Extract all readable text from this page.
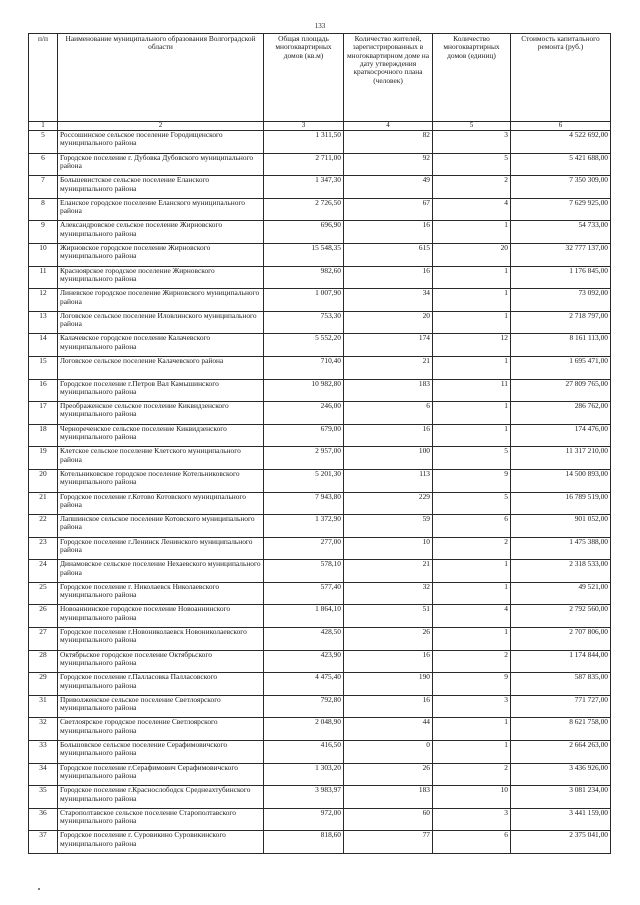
133
п/п	Наименование муниципального образования Волгоградской области	Общая площадь многоквартирных домов (кв.м)	Количество жителей, зарегистрированных в многоквартирном доме на дату утверждения краткосрочного плана (человек)	Количество многоквартирных домов (единиц)	Стоимость капитального ремонта (руб.)
1	2	3	4	5	6
5	Россошинское сельское поселение Городищенского муниципального района	1 311,50	82	3	4 522 692,00
6	Городское поселение г. Дубовка Дубовского муниципального района	2 711,00	92	5	5 421 688,00
7	Большевистское сельское поселение Еланского муниципального района	1 347,30	49	2	7 350 309,00
8	Еланское городское поселение Еланского муниципального района	2 726,50	67	4	7 629 925,00
9	Александровское сельское поселение Жирновского муниципального района	696,90	16	1	54 733,00
10	Жирновское городское поселение Жирновского муниципального района	15 548,35	615	20	32 777 137,00
11	Красноярское городское поселение Жирновского муниципального района	982,60	16	1	1 176 845,00
12	Линевское городское поселение Жирновского муниципального района	1 007,90	34	1	73 092,00
13	Логовское сельское поселение Иловлинского муниципального района	753,30	20	1	2 718 797,00
14	Калачевское городское поселение Калачевского муниципального района	5 552,20	174	12	8 161 113,00
15	Логовское сельское поселение Калачевского района	710,40	21	1	1 695 471,00
16	Городское поселение г.Петров Вал Камышинского муниципального района	10 982,80	183	11	27 809 765,00
17	Преображенское сельское поселение Киквидзенского муниципального района	246,00	6	1	286 762,00
18	Чернореченское сельское поселение Киквидзенского муниципального района	679,00	16	1	174 476,00
19	Клетское сельское поселение Клетского муниципального района	2 957,00	100	5	11 317 210,00
20	Котельниковское городское поселение Котельниковского муниципального района	5 201,30	113	9	14 500 893,00
21	Городское поселение г.Котово Котовского муниципального района	7 943,80	229	5	16 789 519,00
22	Лапшинское сельское поселение Котовского муниципального района	1 372,90	59	6	901 052,00
23	Городское поселение г.Ленинск Ленинского муниципального района	277,00	10	2	1 475 388,00
24	Динамовское сельское поселение Нехаевского муниципального района	578,10	21	1	2 318 533,00
25	Городское поселение г. Николаевск Николаевского муниципального района	577,40	32	1	49 521,00
26	Новоаннинское городское поселение Новоаннинского муниципального района	1 864,10	51	4	2 792 560,00
27	Городское поселение г.Новониколаевск Новониколаевского муниципального района	428,50	26	1	2 707 806,00
28	Октябрьское городское поселение Октябрьского муниципального района	423,90	16	2	1 174 844,00
29	Городское поселение г.Палласовка Палласовского муниципального района	4 475,40	190	9	587 835,00
31	Приволженское сельское поселение Светлоярского муниципального района	792,80	16	3	771 727,00
32	Светлоярское городское поселение Светлоярского муниципального района	2 048,90	44	1	8 621 758,00
33	Большовское сельское поселение Серафимовичского муниципального района	416,50	0	1	2 664 263,00
34	Городское поселение г.Серафимович Серафимовичского муниципального района	1 303,20	26	2	3 436 926,00
35	Городское поселение г.Краснослободск Среднеахтубинского муниципального района	3 983,97	183	10	3 081 234,00
36	Старополтавское сельское поселение Старополтавского муниципального района	972,00	60	3	3 441 159,00
37	Городское поселение г. Суровикино Суровикинского муниципального района	818,60	77	6	2 375 041,00
